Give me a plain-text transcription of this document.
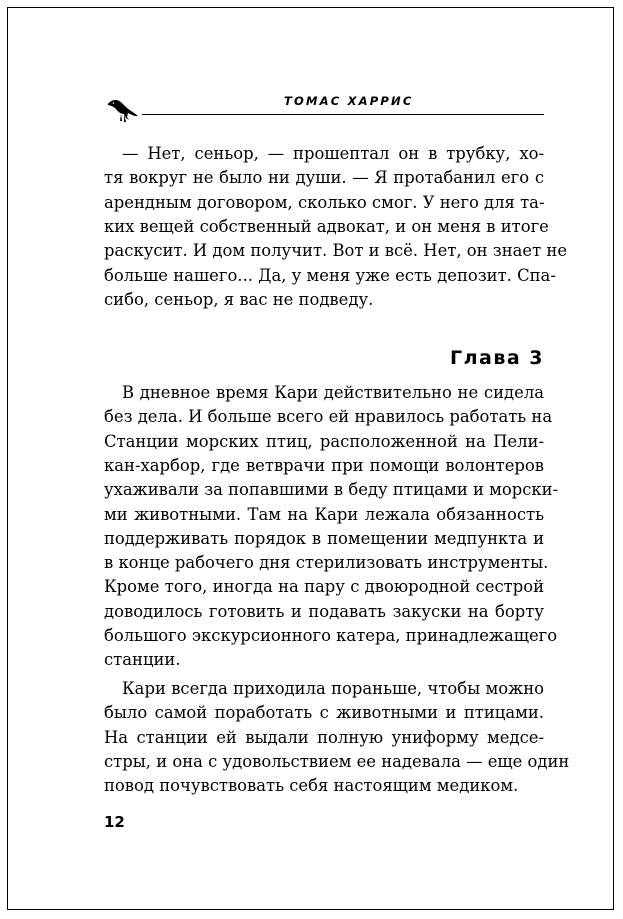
ТОМАС ХАРРИС
— Нет, сеньор, — прошептал он в трубку, хо-
тя вокруг не было ни души. — Я протабанил его с
арендным договором, сколько смог. У него для та-
ких вещей собственный адвокат, и он меня в итоге
раскусит. И дом получит. Вот и всё. Нет, он знает не
больше нашего... Да, у меня уже есть депозит. Спа-
сибо, сеньор, я вас не подведу.
Глава 3
В дневное время Кари действительно не сидела
без дела. И больше всего ей нравилось работать на
Станции морских птиц, расположенной на Пели-
кан-харбор, где ветврачи при помощи волонтеров
ухаживали за попавшими в беду птицами и морски-
ми животными. Там на Кари лежала обязанность
поддерживать порядок в помещении медпункта и
в конце рабочего дня стерилизовать инструменты.
Кроме того, иногда на пару с двоюродной сестрой
доводилось готовить и подавать закуски на борту
большого экскурсионного катера, принадлежащего
станции.
Кари всегда приходила пораньше, чтобы можно
было самой поработать с животными и птицами.
На станции ей выдали полную униформу медсе-
стры, и она с удовольствием ее надевала — еще один
повод почувствовать себя настоящим медиком.
12
